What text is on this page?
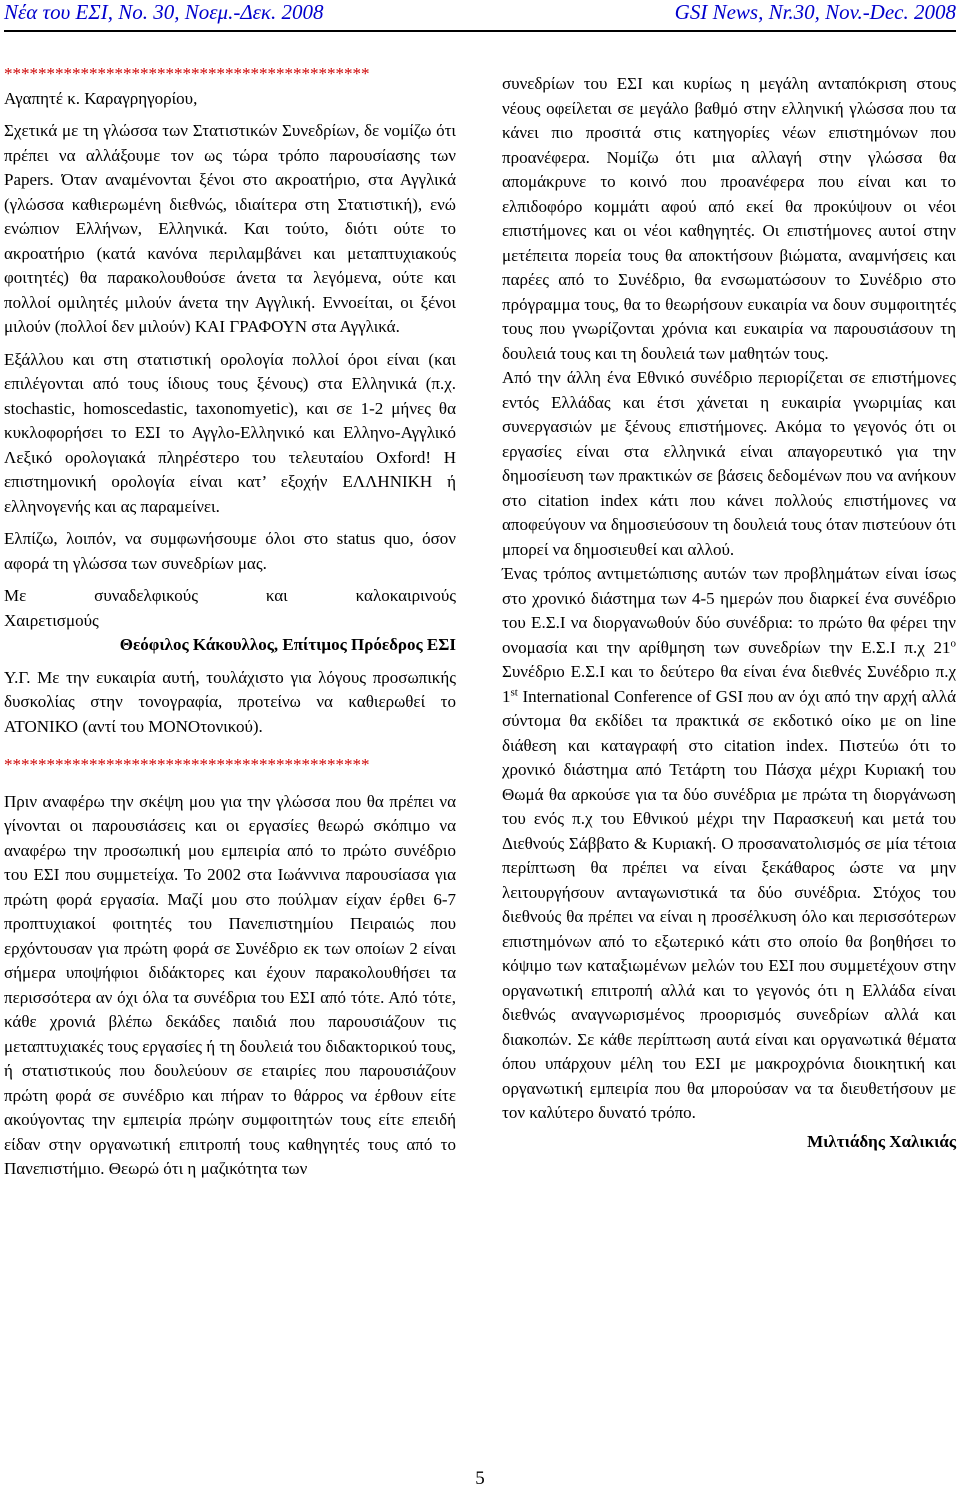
Νέα του ΕΣΙ, Νο. 30, Νοεμ.-Δεκ. 2008	GSI News, Nr.30, Nov.-Dec. 2008
*******************************************

Αγαπητέ κ. Καραγρηγορίου,

Σχετικά με τη γλώσσα των Στατιστικών Συνεδρίων, δε νομίζω ότι πρέπει να αλλάξουμε τον ως τώρα τρόπο παρουσίασης των Papers. Όταν αναμένονται ξένοι στο ακροατήριο, στα Αγγλικά (γλώσσα καθιερωμένη διεθνώς, ιδιαίτερα στη Στατιστική), ενώ ενώπιον Ελλήνων, Ελληνικά. Και τούτο, διότι ούτε το ακροατήριο (κατά κανόνα περιλαμβάνει και μεταπτυχιακούς φοιτητές) θα παρακολουθούσε άνετα τα λεγόμενα, ούτε και πολλοί ομιλητές μιλούν άνετα την Αγγλική. Εννοείται, οι ξένοι μιλούν (πολλοί δεν μιλούν) ΚΑΙ ΓΡΑΦΟΥΝ στα Αγγλικά.

Εξάλλου και στη στατιστική ορολογία πολλοί όροι είναι (και επιλέγονται από τους ίδιους τους ξένους) στα Ελληνικά (π.χ. stochastic, homoscedastic, taxonomyetic), και σε 1-2 μήνες θα κυκλοφορήσει το ΕΣΙ το Αγγλο-Ελληνικό και Ελληνο-Αγγλικό Λεξικό ορολογιακά πληρέστερο του τελευταίου Oxford! Η επιστημονική ορολογία είναι κατ’ εξοχήν ΕΛΛΗΝΙΚΗ ή ελληνογενής και ας παραμείνει.

Ελπίζω, λοιπόν, να συμφωνήσουμε όλοι στο status quo, όσον αφορά τη γλώσσα των συνεδρίων μας.

Με συναδελφικούς και καλοκαιρινούς

Χαιρετισμούς

Θεόφιλος Κάκουλλος, Επίτιμος Πρόεδρος ΕΣΙ

Υ.Γ. Με την ευκαιρία αυτή, τουλάχιστο για λόγους προσωπικής δυσκολίας στην τονογραφία, προτείνω να καθιερωθεί το ΑΤΟΝΙΚΟ (αντί του ΜΟΝΟτονικού).

*******************************************

Πριν αναφέρω την σκέψη μου για την γλώσσα που θα πρέπει να γίνονται οι παρουσιάσεις και οι εργασίες θεωρώ σκόπιμο να αναφέρω την προσωπική μου εμπειρία από το πρώτο συνέδριο του ΕΣΙ που συμμετείχα. Το 2002 στα Ιωάννινα παρουσίασα για πρώτη φορά εργασία. Μαζί μου στο πούλμαν είχαν έρθει 6-7 προπτυχιακοί φοιτητές του Πανεπιστημίου Πειραιώς που ερχόντουσαν για πρώτη φορά σε Συνέδριο εκ των οποίων 2 είναι σήμερα υποψήφιοι διδάκτορες και έχουν παρακολουθήσει τα περισσότερα αν όχι όλα τα συνέδρια του ΕΣΙ από τότε. Από τότε, κάθε χρονιά βλέπω δεκάδες παιδιά που παρουσιάζουν τις μεταπτυχιακές τους εργασίες ή τη δουλειά του διδακτορικού τους, ή στατιστικούς που δουλεύουν σε εταιρίες που παρουσιάζουν πρώτη φορά σε συνέδριο και πήραν το θάρρος να έρθουν είτε ακούγοντας την εμπειρία πρώην συμφοιτητών τους είτε επειδή είδαν στην οργανωτική επιτροπή τους καθηγητές τους από το Πανεπιστήμιο. Θεωρώ ότι η μαζικότητα των

συνεδρίων του ΕΣΙ και κυρίως η μεγάλη ανταπόκριση στους νέους οφείλεται σε μεγάλο βαθμό στην ελληνική γλώσσα που τα κάνει πιο προσιτά στις κατηγορίες νέων επιστημόνων που προανέφερα. Νομίζω ότι μια αλλαγή στην γλώσσα θα απομάκρυνε το κοινό που προανέφερα που είναι και το ελπιδοφόρο κομμάτι αφού από εκεί θα προκύψουν οι νέοι επιστήμονες και οι νέοι καθηγητές. Οι επιστήμονες αυτοί στην μετέπειτα πορεία τους θα αποκτήσουν βιώματα, αναμνήσεις και παρέες από το Συνέδριο, θα ενσωματώσουν το Συνέδριο στο πρόγραμμα τους, θα το θεωρήσουν ευκαιρία να δουν συμφοιτητές τους που γνωρίζονται χρόνια και ευκαιρία να παρουσιάσουν τη δουλειά τους και τη δουλειά των μαθητών τους.

Από την άλλη ένα Εθνικό συνέδριο περιορίζεται σε επιστήμονες εντός Ελλάδας και έτσι χάνεται η ευκαιρία γνωριμίας και συνεργασιών με ξένους επιστήμονες. Ακόμα το γεγονός ότι οι εργασίες είναι στα ελληνικά είναι απαγορευτικό για την δημοσίευση των πρακτικών σε βάσεις δεδομένων που να ανήκουν στο citation index κάτι που κάνει πολλούς επιστήμονες να αποφεύγουν να δημοσιεύσουν τη δουλειά τους όταν πιστεύουν ότι μπορεί να δημοσιευθεί και αλλού.

Ένας τρόπος αντιμετώπισης αυτών των προβλημάτων είναι ίσως στο χρονικό διάστημα των 4-5 ημερών που διαρκεί ένα συνέδριο του Ε.Σ.Ι να διοργανωθούν δύο συνέδρια: το πρώτο θα φέρει την ονομασία και την αρίθμηση των συνεδρίων την Ε.Σ.Ι π.χ $21^o$ Συνέδριο Ε.Σ.Ι και το δεύτερο θα είναι ένα διεθνές Συνέδριο π.χ 1st International Conference of GSI που αν όχι από την αρχή αλλά σύντομα θα εκδίδει τα πρακτικά σε εκδοτικό οίκο με on line διάθεση και καταγραφή στο citation index. Πιστεύω ότι το χρονικό διάστημα από Τετάρτη του Πάσχα μέχρι Κυριακή του Θωμά θα αρκούσε για τα δύο συνέδρια με πρώτα τη διοργάνωση του ενός π.χ του Εθνικού μέχρι την Παρασκευή και μετά του Διεθνούς Σάββατο & Κυριακή. Ο προσανατολισμός σε μία τέτοια περίπτωση θα πρέπει να είναι ξεκάθαρος ώστε να μην λειτουργήσουν ανταγωνιστικά τα δύο συνέδρια. Στόχος του διεθνούς θα πρέπει να είναι η προσέλκυση όλο και περισσότερων επιστημόνων από το εξωτερικό κάτι στο οποίο θα βοηθήσει το κόψιμο των καταξιωμένων μελών του ΕΣΙ που συμμετέχουν στην οργανωτική επιτροπή αλλά και το γεγονός ότι η Ελλάδα είναι διεθνώς αναγνωρισμένος προορισμός συνεδρίων αλλά και διακοπών. Σε κάθε περίπτωση αυτά είναι και οργανωτικά θέματα όπου υπάρχουν μέλη του ΕΣΙ με μακροχρόνια διοικητική και οργανωτική εμπειρία που θα μπορούσαν να τα διευθετήσουν με τον καλύτερο δυνατό τρόπο.

Μιλτιάδης Χαλικιάς

5
